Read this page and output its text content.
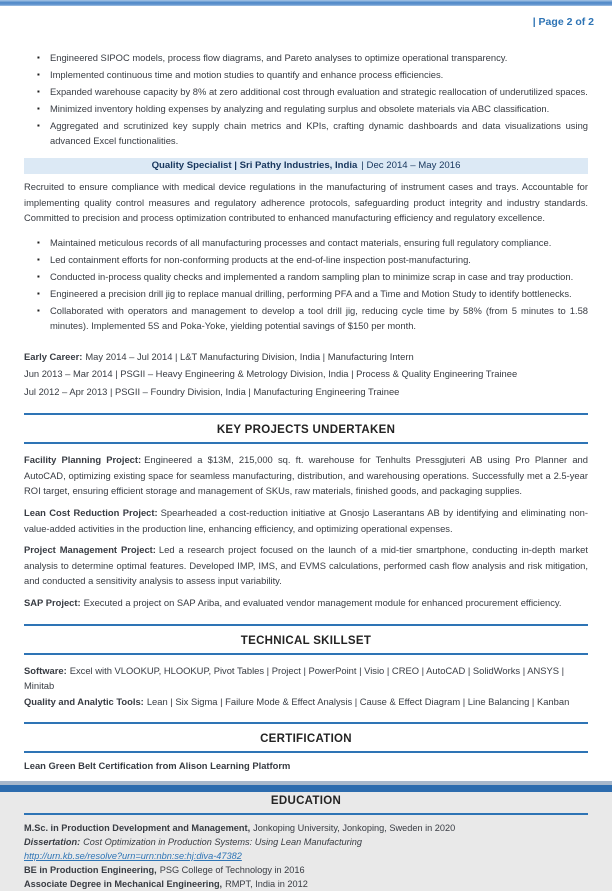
| Page 2 of 2
▪ Engineered SIPOC models, process flow diagrams, and Pareto analyses to optimize operational transparency.
▪ Implemented continuous time and motion studies to quantify and enhance process efficiencies.
▪ Expanded warehouse capacity by 8% at zero additional cost through evaluation and strategic reallocation of underutilized spaces.
▪ Minimized inventory holding expenses by analyzing and regulating surplus and obsolete materials via ABC classification.
▪ Aggregated and scrutinized key supply chain metrics and KPIs, crafting dynamic dashboards and data visualizations using advanced Excel functionalities.
Quality Specialist | Sri Pathy Industries, India | Dec 2014 – May 2016

Recruited to ensure compliance with medical device regulations in the manufacturing of instrument cases and trays. Accountable for implementing quality control measures and regulatory adherence protocols, safeguarding product integrity and industry standards. Committed to precision and process optimization contributed to enhanced manufacturing efficiency and regulatory excellence.

▪ Maintained meticulous records of all manufacturing processes and contact materials, ensuring full regulatory compliance.
▪ Led containment efforts for non-conforming products at the end-of-line inspection post-manufacturing.
▪ Conducted in-process quality checks and implemented a random sampling plan to minimize scrap in case and tray production.
▪ Engineered a precision drill jig to replace manual drilling, performing PFA and a Time and Motion Study to identify bottlenecks.
▪ Collaborated with operators and management to develop a tool drill jig, reducing cycle time by 58% (from 5 minutes to 1.58 minutes). Implemented 5S and Poka-Yoke, yielding potential savings of $150 per month.
Early Career: May 2014 – Jul 2014 | L&T Manufacturing Division, India | Manufacturing Intern
Jun 2013 – Mar 2014 | PSGII – Heavy Engineering & Metrology Division, India | Process & Quality Engineering Trainee
Jul 2012 – Apr 2013 | PSGII – Foundry Division, India | Manufacturing Engineering Trainee
KEY PROJECTS UNDERTAKEN

Facility Planning Project: Engineered a $13M, 215,000 sq. ft. warehouse for Tenhults Pressgjuteri AB using Pro Planner and AutoCAD, optimizing existing space for seamless manufacturing, distribution, and warehousing operations. Successfully met a 2.5-year ROI target, ensuring efficient storage and management of SKUs, raw materials, finished goods, and packaging supplies.

Lean Cost Reduction Project: Spearheaded a cost-reduction initiative at Gnosjo Laserantans AB by identifying and eliminating non-value-added activities in the production line, enhancing efficiency, and optimizing operational expenses.

Project Management Project: Led a research project focused on the launch of a mid-tier smartphone, conducting in-depth market analysis to determine optimal features. Developed IMP, IMS, and EVMS calculations, performed cash flow analysis and risk mitigation, and conducted a sensitivity analysis to assess input variability.

SAP Project: Executed a project on SAP Ariba, and evaluated vendor management module for enhanced procurement efficiency.

TECHNICAL SKILLSET

Software: Excel with VLOOKUP, HLOOKUP, Pivot Tables | Project | PowerPoint | Visio | CREO | AutoCAD | SolidWorks | ANSYS | Minitab

Quality and Analytic Tools: Lean | Six Sigma | Failure Mode & Effect Analysis | Cause & Effect Diagram | Line Balancing | Kanban

CERTIFICATION

Lean Green Belt Certification from Alison Learning Platform

EDUCATION

M.Sc. in Production Development and Management, Jonkoping University, Jonkoping, Sweden in 2020

Dissertation: Cost Optimization in Production Systems: Using Lean Manufacturing

http://urn.kb.se/resolve?urn=urn:nbn:se:hj:diva-47382

BE in Production Engineering, PSG College of Technology in 2016

Associate Degree in Mechanical Engineering, RMPT, India in 2012
